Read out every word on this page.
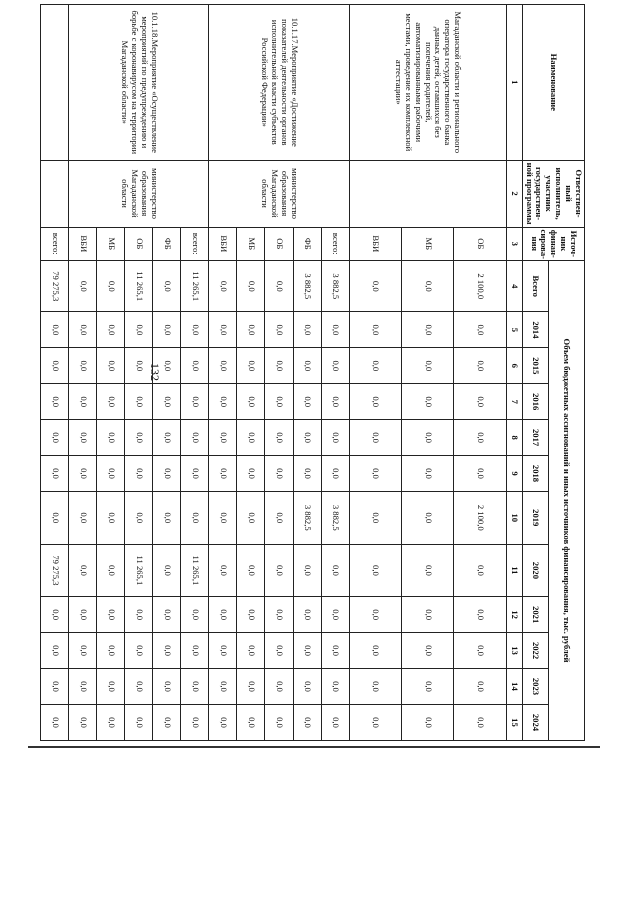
132
Наименование	Ответствен-ный исполнитель, участник государствен-ной программы	Источ-ник финан-сирова-ния	Объем бюджетных ассигнований и иных источников финансирования, тыс. рублей											
			Всего	2014	2015	2016	2017	2018	2019	2020	2021	2022	2023	2024
1	2	3	4	5	6	7	8	9	10	11	12	13	14	15
Магаданской области и регионального оператора государственного банка данных детей, оставшихся без попечения родителей, автоматизированными рабочими местами, проведение их комплексной аттестации»		ОБ	2 100,0	0,0	0,0	0,0	0,0	0,0	2 100,0	0,0	0,0	0,0	0,0	0,0
		МБ	0,0	0,0	0,0	0,0	0,0	0,0	0,0	0,0	0,0	0,0	0,0	0,0
		ВБИ	0,0	0,0	0,0	0,0	0,0	0,0	0,0	0,0	0,0	0,0	0,0	0,0
10.1.17.Мероприятие «Достижение показателей деятельности органов исполнительной власти субъектов Российской Федерации»	министерство образования Магаданской области	всего:	3 882,5	0,0	0,0	0,0	0,0	0,0	3 882,5	0,0	0,0	0,0	0,0	0,0
		ФБ	3 882,5	0,0	0,0	0,0	0,0	0,0	3 882,5	0,0	0,0	0,0	0,0	0,0
		ОБ	0,0	0,0	0,0	0,0	0,0	0,0	0,0	0,0	0,0	0,0	0,0	0,0
		МБ	0,0	0,0	0,0	0,0	0,0	0,0	0,0	0,0	0,0	0,0	0,0	0,0
		ВБИ	0,0	0,0	0,0	0,0	0,0	0,0	0,0	0,0	0,0	0,0	0,0	0,0
10.1.18.Мероприятие «Осуществление мероприятий по предупреждению и борьбе с коронавирусом на территории Магаданской области»	министерство образования Магаданской области	всего:	11 265,1	0,0	0,0	0,0	0,0	0,0	0,0	11 265,1	0,0	0,0	0,0	0,0
		ФБ	0,0	0,0	0,0	0,0	0,0	0,0	0,0	0,0	0,0	0,0	0,0	0,0
		ОБ	11 265,1	0,0	0,0	0,0	0,0	0,0	0,0	11 265,1	0,0	0,0	0,0	0,0
		МБ	0,0	0,0	0,0	0,0	0,0	0,0	0,0	0,0	0,0	0,0	0,0	0,0
		ВБИ	0,0	0,0	0,0	0,0	0,0	0,0	0,0	0,0	0,0	0,0	0,0	0,0
		всего:	79 275,3	0,0	0,0	0,0	0,0	0,0	0,0	79 275,3	0,0	0,0	0,0	0,0
